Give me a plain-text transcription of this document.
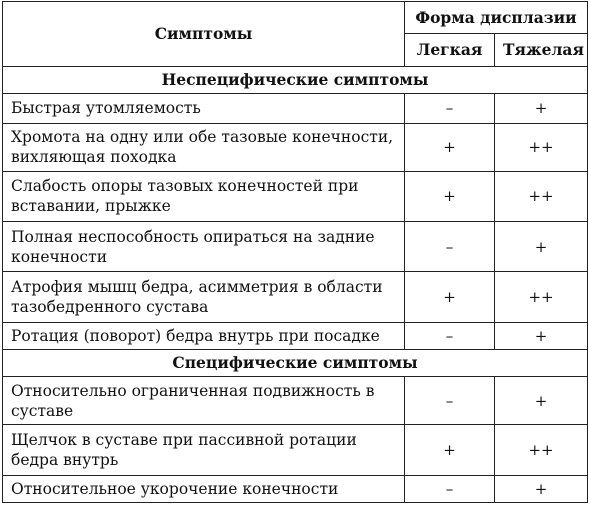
Симптомы	Форма дисплазии	
	Легкая	Тяжелая
Неспецифические симптомы		
Быстрая утомляемость	–	+
Хромота на одну или обе тазовые конечности, вихляющая походка	+	++
Слабость опоры тазовых конечностей при вставании, прыжке	+	++
Полная неспособность опираться на задние конечности	–	+
Атрофия мышц бедра, асимметрия в области тазобедренного сустава	+	++
Ротация (поворот) бедра внутрь при посадке	–	+
Специфические симптомы		
Относительно ограниченная подвижность в суставе	–	+
Щелчок в суставе при пассивной ротации бедра внутрь	+	++
Относительное укорочение конечности	–	+
